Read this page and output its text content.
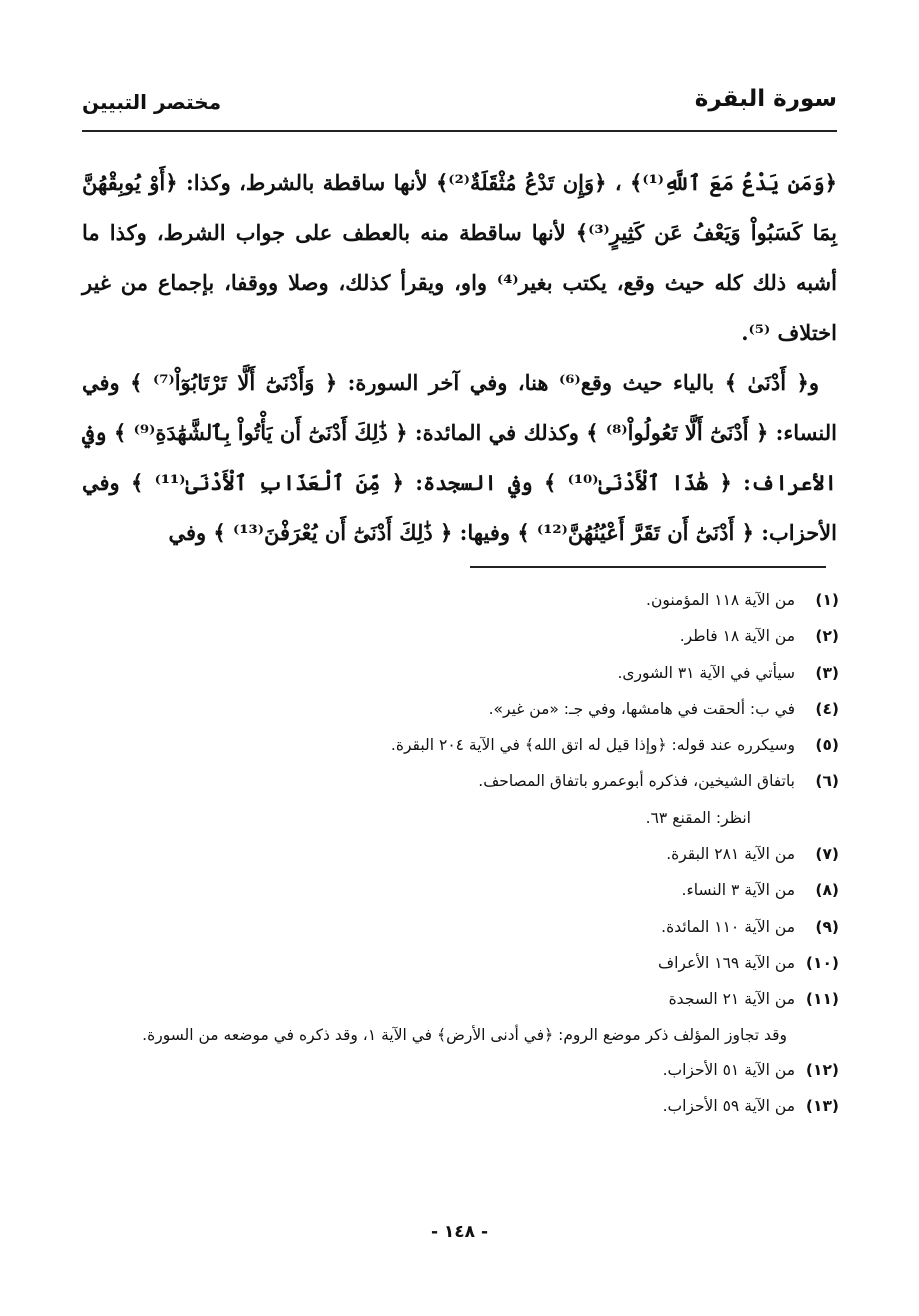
سورة البقرة
مختصر التبيين

﴿وَمَن يَدْعُ مَعَ ٱللَّهِ⁽¹⁾﴾ ، ﴿وَإِن تَدْعُ مُثْقَلَةٌ⁽²⁾﴾ لأنها ساقطة بالشرط، وكذا: ﴿أَوْ يُوبِقْهُنَّ بِمَا كَسَبُواْ وَيَعْفُ عَن كَثِيرٍ⁽³⁾﴾ لأنها ساقطة منه بالعطف على جواب الشرط، وكذا ما أشبه ذلك كله حيث وقع، يكتب بغير⁽⁴⁾ واو، ويقرأ كذلك، وصلا ووقفا، بإجماع من غير اختلاف ⁽⁵⁾.

و﴿ أَدْنَىٰ ﴾ بالياء حيث وقع⁽⁶⁾ هنا، وفي آخر السورة: ﴿ وَأَدْنَىٰٓ أَلَّا تَرْتَابُوٓاْ⁽⁷⁾ ﴾ وفي النساء: ﴿ أَدْنَىٰٓ أَلَّا تَعُولُواْ⁽⁸⁾ ﴾ وكذلك في المائدة: ﴿ ذَٰلِكَ أَدْنَىٰٓ أَن يَأْتُواْ بِٱلشَّهَٰدَةِ⁽⁹⁾ ﴾ وفي الأعراف: ﴿ هَٰذَا ٱلْأَدْنَىٰ⁽¹⁰⁾ ﴾ وفي السجدة: ﴿ مِّنَ ٱلْعَذَابِ ٱلْأَدْنَىٰ⁽¹¹⁾ ﴾ وفي الأحزاب: ﴿ أَدْنَىٰٓ أَن تَقَرَّ أَعْيُنُهُنَّ⁽¹²⁾ ﴾ وفيها: ﴿ ذَٰلِكَ أَدْنَىٰٓ أَن يُعْرَفْنَ⁽¹³⁾ ﴾ وفي

(١)
من الآية ١١٨ المؤمنون.
(٢)
من الآية ١٨ فاطر.
(٣)
سيأتي في الآية ٣١ الشورى.
(٤)
في ب: ألحقت في هامشها، وفي جـ: «من غير».
(٥)
وسيكرره عند قوله: ﴿وإذا قيل له اتق الله﴾ في الآية ٢٠٤ البقرة.
(٦)
باتفاق الشيخين، فذكره أبوعمرو باتفاق المصاحف.
انظر: المقنع ٦٣.
(٧)
من الآية ٢٨١ البقرة.
(٨)
من الآية ٣ النساء.
(٩)
من الآية ١١٠ المائدة.
(١٠)
من الآية ١٦٩ الأعراف
(١١)
من الآية ٢١ السجدة
وقد تجاوز المؤلف ذكر موضع الروم: ﴿في أدنى الأرض﴾ في الآية ١، وقد ذكره في موضعه من السورة.
(١٢)
من الآية ٥١ الأحزاب.
(١٣)
من الآية ٥٩ الأحزاب.
- ١٤٨ -
